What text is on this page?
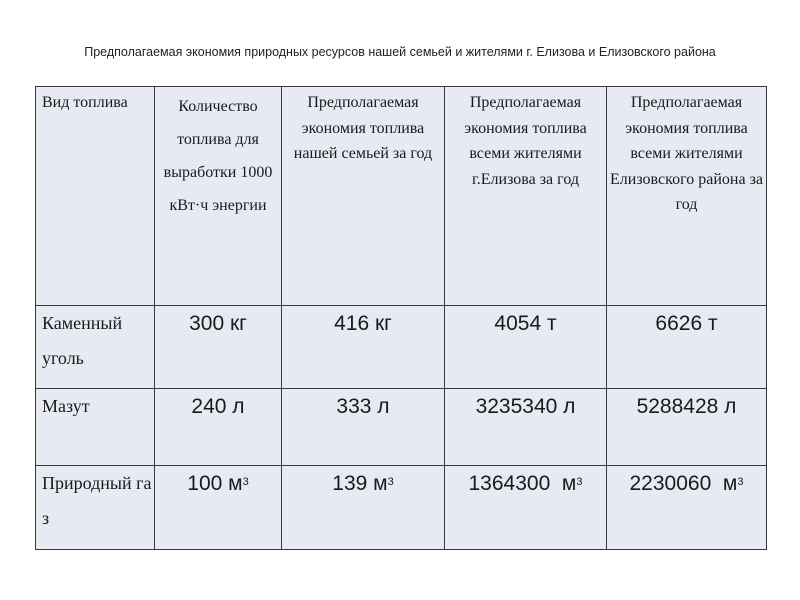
Предполагаемая экономия природных ресурсов нашей семьей и жителями г. Елизова и Елизовского района
Вид топлива	Количество топлива для выработки 1000 кВт·ч энергии	Предполагаемая экономия топлива нашей семьей за год	Предполагаемая экономия топлива всеми жителями г.Елизова за год	Предполагаемая экономия топлива всеми жителями Елизовского района за год
Каменный уголь	300 кг	416 кг	4054 т	6626 т
Мазут	240 л	333 л	3235340 л	5288428 л
Природный газ	100 $м^3$	139 $м^3$	1364300  $м^3$	2230060  $м^3$
